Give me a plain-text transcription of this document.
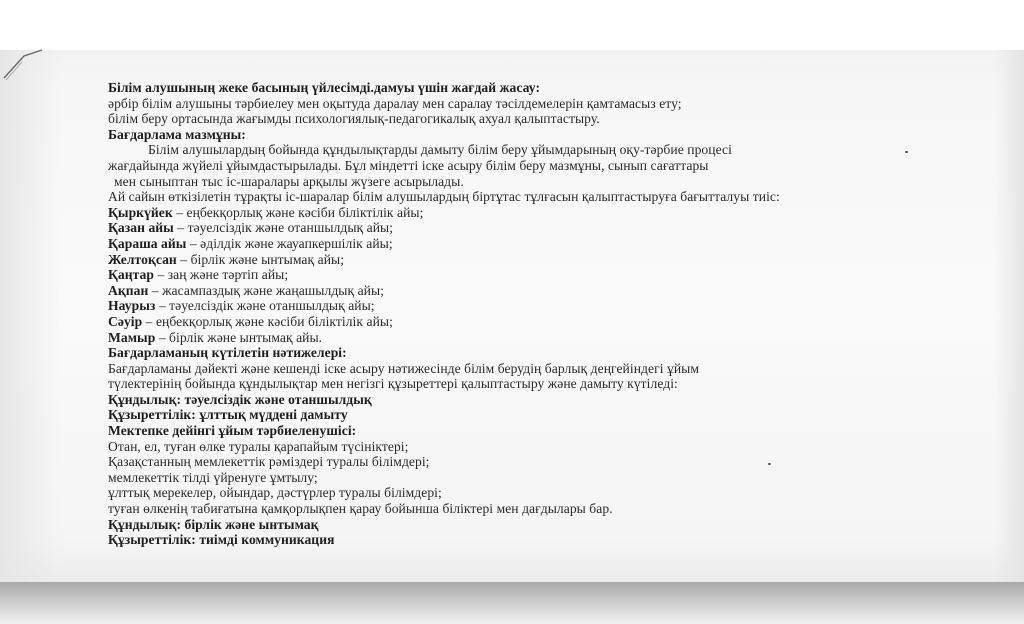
Білім алушының жеке басының үйлесімді.дамуы үшін жағдай жасау:
әрбір білім алушыны тәрбиелеу мен оқытуда даралау мен саралау тәсілдемелерін қамтамасыз ету;
білім беру ортасында жағымды психологиялық-педагогикалық ахуал қалыптастыру.
Бағдарлама мазмұны:
Білім алушылардың бойында құндылықтарды дамыту білім беру ұйымдарының оқу-тәрбие процесі
жағдайында жүйелі ұйымдастырылады. Бұл міндетті іске асыру білім беру мазмұны, сынып сағаттары
мен сыныптан тыс іс-шаралары арқылы жүзеге асырылады.
Ай сайын өткізілетін тұрақты іс-шаралар білім алушылардың біртұтас тұлғасын қалыптастыруға бағытталуы тиіс:
Қыркүйек – еңбекқорлық және кәсіби біліктілік айы;
Қазан айы – тәуелсіздік және отаншылдық айы;
Қараша айы – әділдік және жауапкершілік айы;
Желтоқсан – бірлік және ынтымақ айы;
Қаңтар – заң және тәртіп айы;
Ақпан – жасампаздық және жаңашылдық айы;
Наурыз – тәуелсіздік және отаншылдық айы;
Сәуір – еңбекқорлық және кәсіби біліктілік айы;
Мамыр – бірлік және ынтымақ айы.
Бағдарламаның күтілетін нәтижелері:
Бағдарламаны дәйекті және кешенді іске асыру нәтижесінде білім берудің барлық деңгейіндегі ұйым
түлектерінің бойында құндылықтар мен негізгі құзыреттері қалыптастыру және дамыту күтіледі:
Құндылық: тәуелсіздік және отаншылдық
Құзыреттілік: ұлттық мүддені дамыту
Мектепке дейінгі ұйым тәрбиеленушісі:
Отан, ел, туған өлке туралы қарапайым түсініктері;
Қазақстанның мемлекеттік рәміздері туралы білімдері;
мемлекеттік тілді үйренуге ұмтылу;
ұлттық мерекелер, ойындар, дәстүрлер туралы білімдері;
туған өлкенің табиғатына қамқорлықпен қарау бойынша біліктері мен дағдылары бар.
Құндылық: бірлік және ынтымақ
Құзыреттілік: тиімді коммуникация
